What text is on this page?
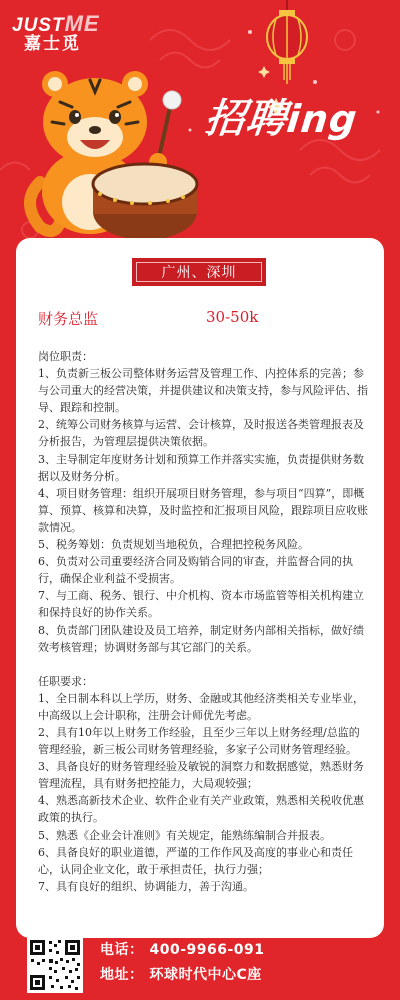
JUSTME
嘉士觅
招聘ing
广州、深圳
财务总监	30-50k
岗位职责：
1、负责新三板公司整体财务运营及管理工作、内控体系的完善；参与公司重大的经营决策，并提供建议和决策支持，参与风险评估、指导、跟踪和控制。
2、统筹公司财务核算与运营、会计核算，及时报送各类管理报表及分析报告，为管理层提供决策依据。
3、主导制定年度财务计划和预算工作并落实实施，负责提供财务数据以及财务分析。
4、项目财务管理：组织开展项目财务管理，参与项目“四算”，即概算、预算、核算和决算，及时监控和汇报项目风险，跟踪项目应收账款情况。
5、税务筹划：负责规划当地税负，合理把控税务风险。
6、负责对公司重要经济合同及购销合同的审查，并监督合同的执行，确保企业利益不受损害。
7、与工商、税务、银行、中介机构、资本市场监管等相关机构建立和保持良好的协作关系。
8、负责部门团队建设及员工培养，制定财务内部相关指标，做好绩效考核管理；协调财务部与其它部门的关系。
任职要求：
1、全日制本科以上学历，财务、金融或其他经济类相关专业毕业，中高级以上会计职称，注册会计师优先考虑。
2、具有10年以上财务工作经验，且至少三年以上财务经理/总监的管理经验，新三板公司财务管理经验，多家子公司财务管理经验。
3、具备良好的财务管理经验及敏锐的洞察力和数据感觉，熟悉财务管理流程，具有财务把控能力，大局观较强；
4、熟悉高新技术企业、软件企业有关产业政策，熟悉相关税收优惠政策的执行。
5、熟悉《企业会计准则》有关规定，能熟练编制合并报表。
6、具备良好的职业道德，严谨的工作作风及高度的事业心和责任心，认同企业文化，敢于承担责任，执行力强；
7、具有良好的组织、协调能力，善于沟通。
电话： 400-9966-091
地址： 环球时代中心C座
